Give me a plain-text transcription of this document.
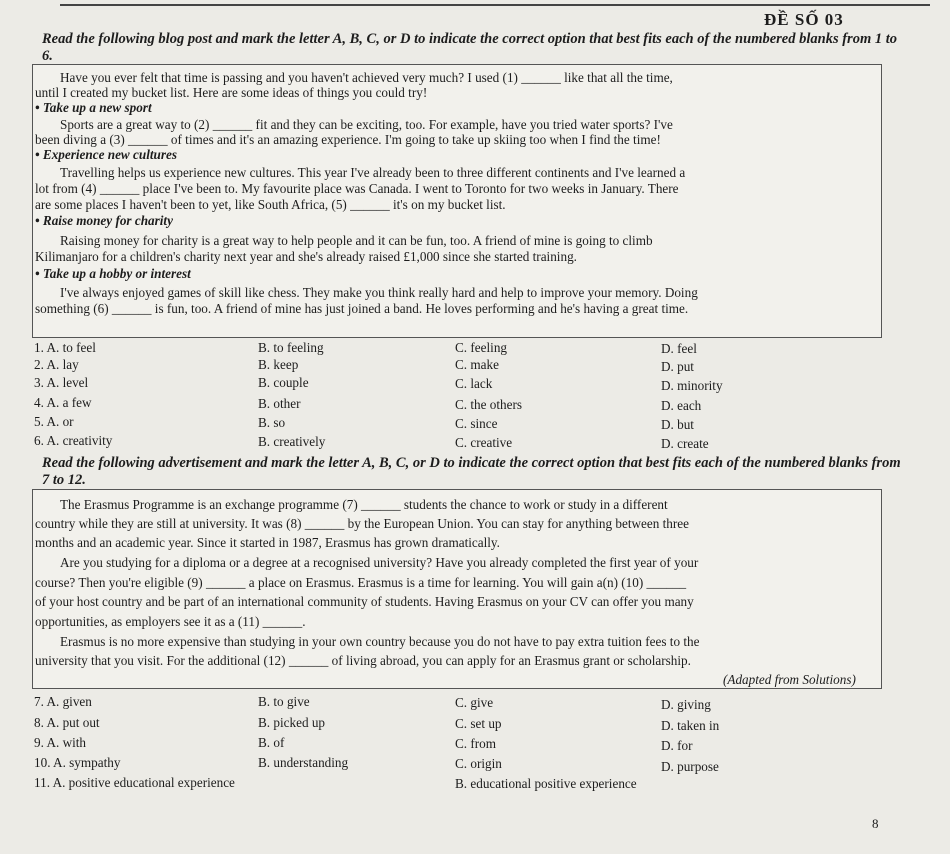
ĐỀ SỐ 03
Read the following blog post and mark the letter A, B, C, or D to indicate the correct option that best fits each of the numbered blanks from 1 to 6.
Have you ever felt that time is passing and you haven't achieved very much? I used (1) ______ like that all the time,
until I created my bucket list. Here are some ideas of things you could try!
• Take up a new sport
Sports are a great way to (2) ______ fit and they can be exciting, too. For example, have you tried water sports? I've
been diving a (3) ______ of times and it's an amazing experience. I'm going to take up skiing too when I find the time!
• Experience new cultures
Travelling helps us experience new cultures. This year I've already been to three different continents and I've learned a
lot from (4) ______ place I've been to. My favourite place was Canada. I went to Toronto for two weeks in January. There
are some places I haven't been to yet, like South Africa, (5) ______ it's on my bucket list.
• Raise money for charity
Raising money for charity is a great way to help people and it can be fun, too. A friend of mine is going to climb
Kilimanjaro for a children's charity next year and she's already raised £1,000 since she started training.
• Take up a hobby or interest
I've always enjoyed games of skill like chess. They make you think really hard and help to improve your memory. Doing
something (6) ______ is fun, too. A friend of mine has just joined a band. He loves performing and he's having a great time.
1. A. to feel	B. to feeling	C. feeling	D. feel
2. A. lay	B. keep	C. make	D. put
3. A. level	B. couple	C. lack	D. minority
4. A. a few	B. other	C. the others	D. each
5. A. or	B. so	C. since	D. but
6. A. creativity	B. creatively	C. creative	D. create
Read the following advertisement and mark the letter A, B, C, or D to indicate the correct option that best fits each of the numbered blanks from 7 to 12.
The Erasmus Programme is an exchange programme (7) ______ students the chance to work or study in a different
country while they are still at university. It was (8) ______ by the European Union. You can stay for anything between three
months and an academic year. Since it started in 1987, Erasmus has grown dramatically.
Are you studying for a diploma or a degree at a recognised university? Have you already completed the first year of your
course? Then you're eligible (9) ______ a place on Erasmus. Erasmus is a time for learning. You will gain a(n) (10) ______
of your host country and be part of an international community of students. Having Erasmus on your CV can offer you many
opportunities, as employers see it as a (11) ______.
Erasmus is no more expensive than studying in your own country because you do not have to pay extra tuition fees to the
university that you visit. For the additional (12) ______ of living abroad, you can apply for an Erasmus grant or scholarship.
(Adapted from Solutions)
7. A. given	B. to give	C. give	D. giving
8. A. put out	B. picked up	C. set up	D. taken in
9. A. with	B. of	C. from	D. for
10. A. sympathy	B. understanding	C. origin	D. purpose
11. A. positive educational experience	B. educational positive experience
8
